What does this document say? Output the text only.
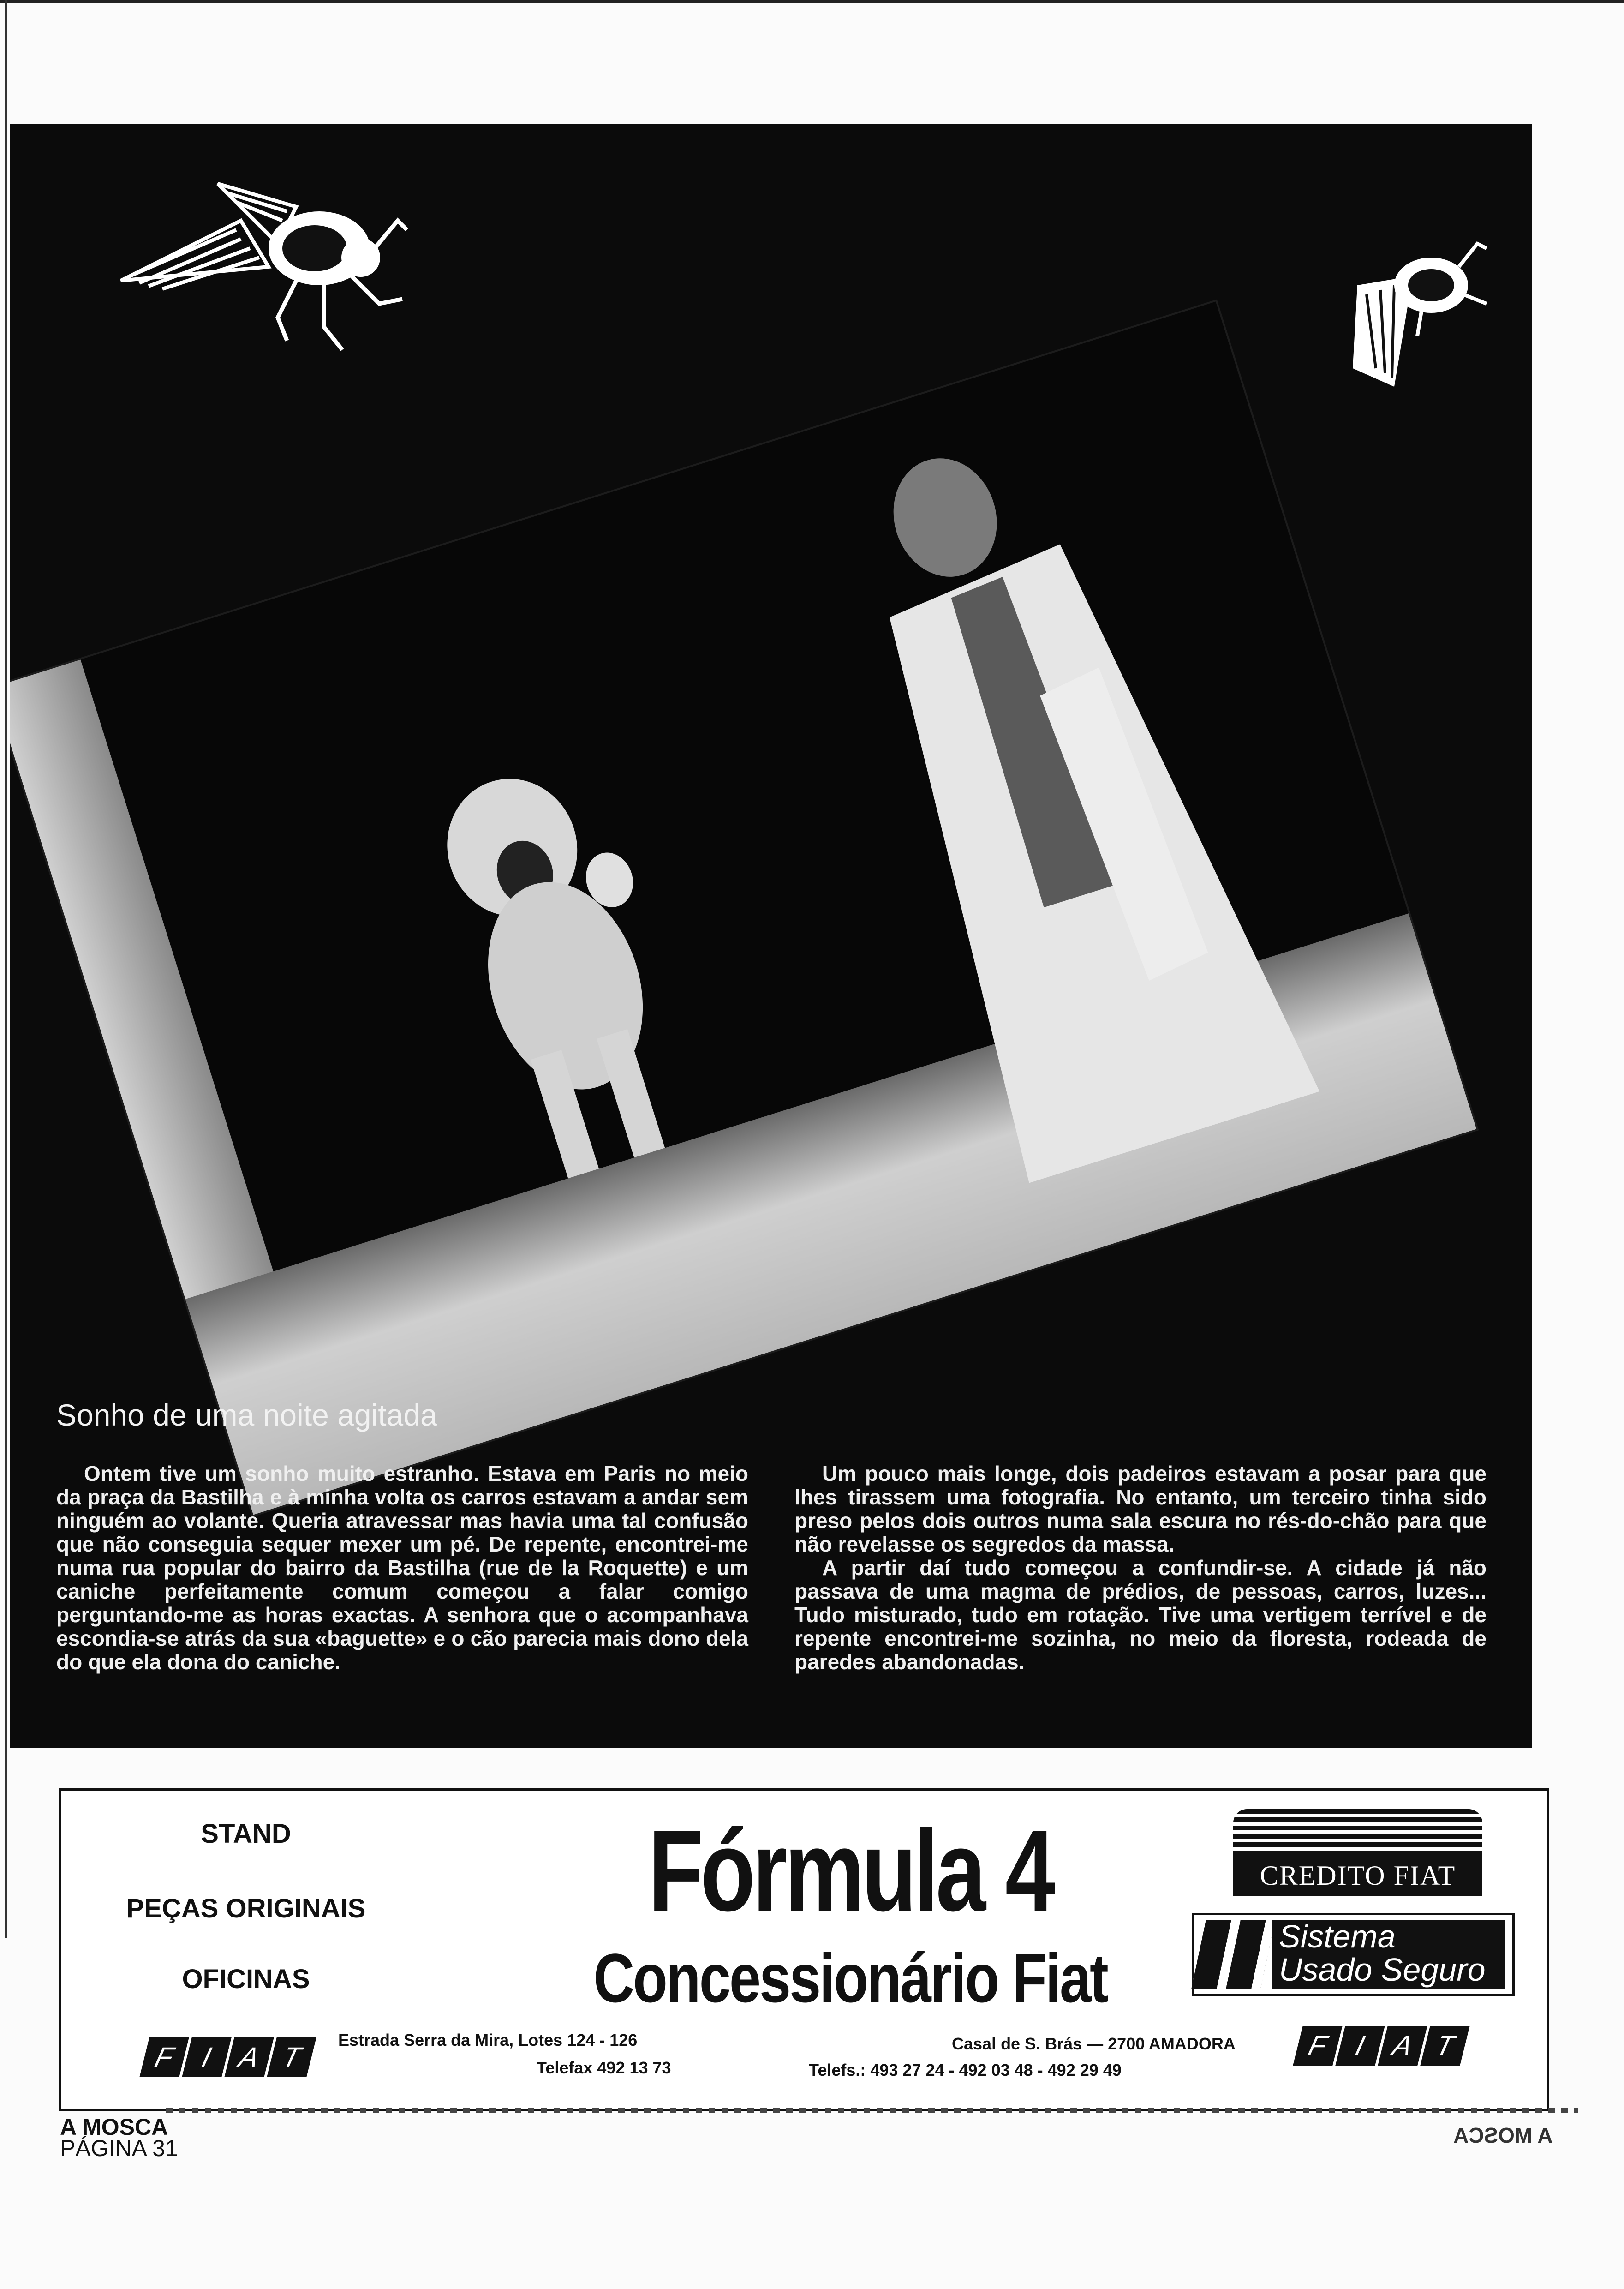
Sonho de uma noite agitada

Ontem tive um sonho muito estranho. Estava em Paris no meio da praça da Bastilha e à minha volta os carros estavam a andar sem ninguém ao volante. Queria atravessar mas havia uma tal confusão que não conseguia sequer mexer um pé. De repente, encontrei-me numa rua popular do bairro da Bastilha (rue de la Roquette) e um caniche perfeitamente comum começou a falar comigo perguntando-me as horas exactas. A senhora que o acompanhava escondia-se atrás da sua «baguette» e o cão parecia mais dono dela do que ela dona do caniche.

Um pouco mais longe, dois padeiros estavam a posar para que lhes tirassem uma fotografia. No entanto, um terceiro tinha sido preso pelos dois outros numa sala escura no rés-do-chão para que não revelasse os segredos da massa.

A partir daí tudo começou a confundir-se. A cidade já não passava de uma magma de prédios, de pessoas, carros, luzes... Tudo misturado, tudo em rotação. Tive uma vertigem terrível e de repente encontrei-me sozinha, no meio da floresta, rodeada de paredes abandonadas.

STAND
PEÇAS ORIGINAIS
OFICINAS
Fórmula 4
Concessionário Fiat
CREDITO FIAT
Sistema
Usado Seguro
F I A T	F I A T
Estrada Serra da Mira, Lotes 124 - 126	Casal de S. Brás — 2700 AMADORA
Telefax 492 13 73	Telefs.: 493 27 24 - 492 03 48 - 492 29 49
A MOSCA
PÁGINA 31	A MOSCA
